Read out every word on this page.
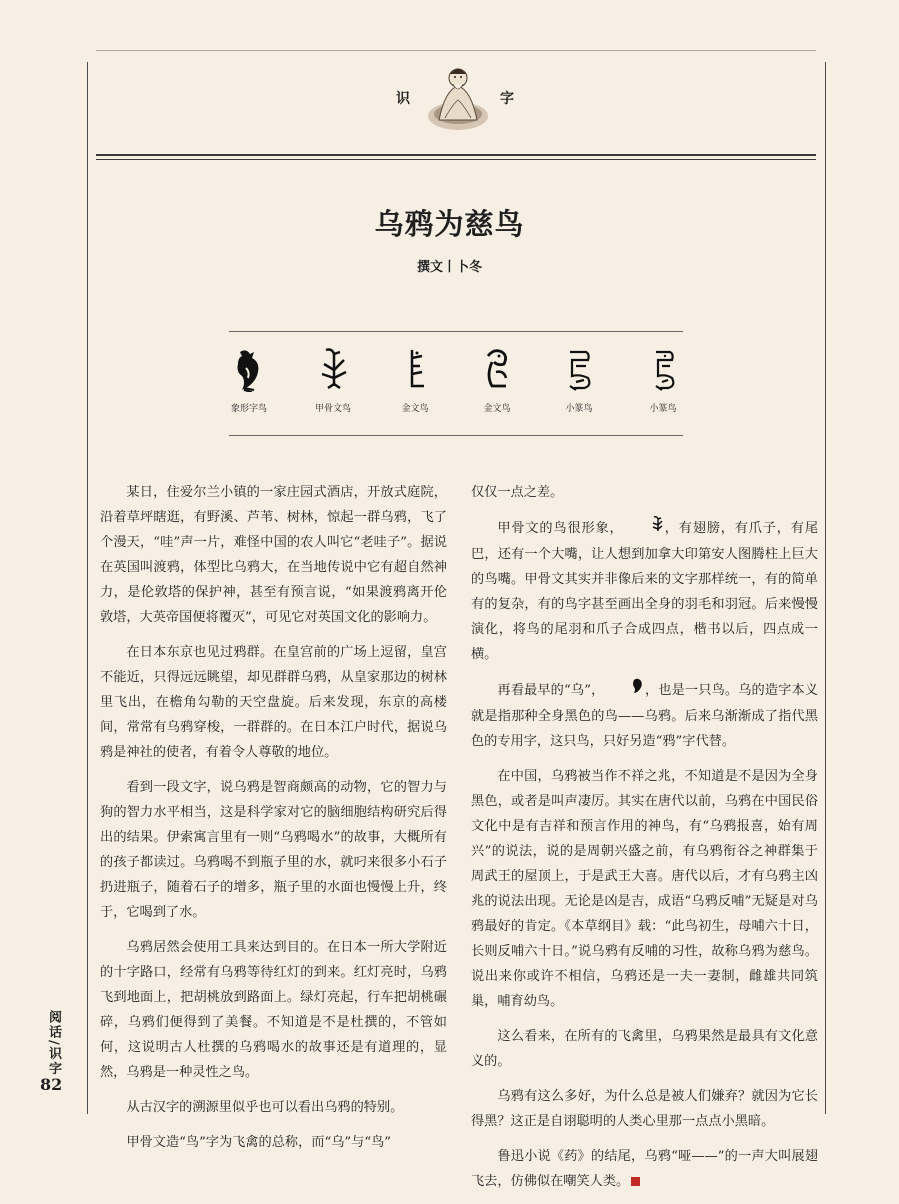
识	字
乌鸦为慈鸟
撰文丨卜冬
象形字鸟	甲骨文鸟	金文鸟	金文鸟	小篆鸟	小篆鸟

某日，住爱尔兰小镇的一家庄园式酒店，开放式庭院，沿着草坪瞎逛，有野溪、芦苇、树林，惊起一群乌鸦，飞了个漫天，“哇”声一片，难怪中国的农人叫它“老哇子”。据说在英国叫渡鸦，体型比乌鸦大，在当地传说中它有超自然神力，是伦敦塔的保护神，甚至有预言说，“如果渡鸦离开伦敦塔，大英帝国便将覆灭”，可见它对英国文化的影响力。

在日本东京也见过鸦群。在皇宫前的广场上逗留，皇宫不能近，只得远远眺望，却见群群乌鸦，从皇家那边的树林里飞出，在檐角勾勒的天空盘旋。后来发现，东京的高楼间，常常有乌鸦穿梭，一群群的。在日本江户时代，据说乌鸦是神社的使者，有着令人尊敬的地位。

看到一段文字，说乌鸦是智商颇高的动物，它的智力与狗的智力水平相当，这是科学家对它的脑细胞结构研究后得出的结果。伊索寓言里有一则“乌鸦喝水”的故事，大概所有的孩子都读过。乌鸦喝不到瓶子里的水，就叼来很多小石子扔进瓶子，随着石子的增多，瓶子里的水面也慢慢上升，终于，它喝到了水。

乌鸦居然会使用工具来达到目的。在日本一所大学附近的十字路口，经常有乌鸦等待红灯的到来。红灯亮时，乌鸦飞到地面上，把胡桃放到路面上。绿灯亮起，行车把胡桃碾碎，乌鸦们便得到了美餐。不知道是不是杜撰的，不管如何，这说明古人杜撰的乌鸦喝水的故事还是有道理的，显然，乌鸦是一种灵性之鸟。

从古汉字的溯源里似乎也可以看出乌鸦的特别。

甲骨文造“鸟”字为飞禽的总称，而“乌”与“鸟”

仅仅一点之差。

甲骨文的鸟很形象，	，有翅膀，有爪子，有尾巴，还有一个大嘴，让人想到加拿大印第安人图腾柱上巨大的鸟嘴。甲骨文其实并非像后来的文字那样统一，有的简单有的复杂，有的鸟字甚至画出全身的羽毛和羽冠。后来慢慢演化，将鸟的尾羽和爪子合成四点，楷书以后，四点成一横。

再看最早的“乌”，	，也是一只鸟。乌的造字本义就是指那种全身黑色的鸟——乌鸦。后来乌渐渐成了指代黑色的专用字，这只鸟，只好另造“鸦”字代替。

在中国，乌鸦被当作不祥之兆，不知道是不是因为全身黑色，或者是叫声凄厉。其实在唐代以前，乌鸦在中国民俗文化中是有吉祥和预言作用的神鸟，有“乌鸦报喜，始有周兴”的说法，说的是周朝兴盛之前，有乌鸦衔谷之神群集于周武王的屋顶上，于是武王大喜。唐代以后，才有乌鸦主凶兆的说法出现。无论是凶是吉，成语“乌鸦反哺”无疑是对乌鸦最好的肯定。《本草纲目》载：“此鸟初生，母哺六十日，长则反哺六十日。”说乌鸦有反哺的习性，故称乌鸦为慈鸟。说出来你或许不相信，乌鸦还是一夫一妻制，雌雄共同筑巢，哺育幼鸟。

这么看来，在所有的飞禽里，乌鸦果然是最具有文化意义的。

乌鸦有这么多好，为什么总是被人们嫌弃？就因为它长得黑？这正是自诩聪明的人类心里那一点点小黑暗。

鲁迅小说《药》的结尾，乌鸦“哑——”的一声大叫展翅飞去，仿佛似在嘲笑人类。

阅话/识字
82
